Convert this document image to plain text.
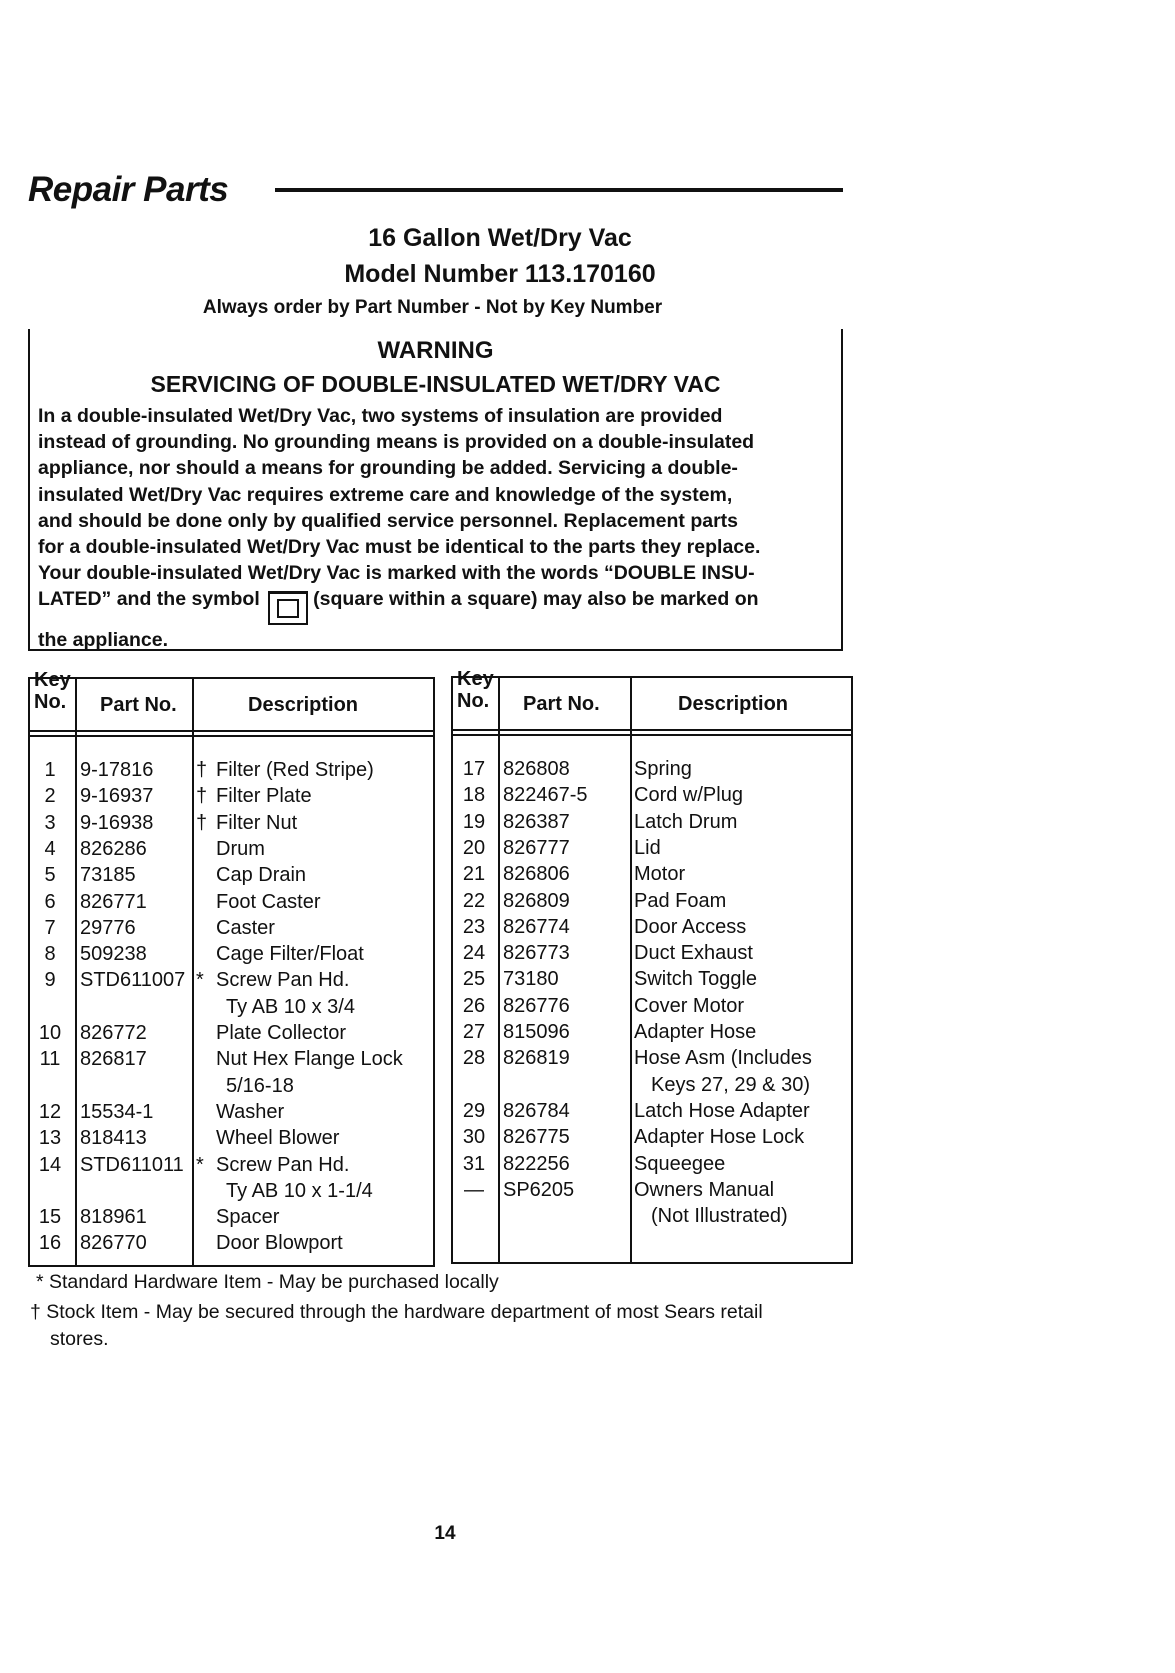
Repair Parts
16 Gallon Wet/Dry Vac
Model Number 113.170160
Always order by Part Number - Not by Key Number
WARNING
SERVICING OF DOUBLE-INSULATED WET/DRY VAC
In a double-insulated Wet/Dry Vac, two systems of insulation are provided
instead of grounding. No grounding means is provided on a double-insulated
appliance, nor should a means for grounding be added. Servicing a double-
insulated Wet/Dry Vac requires extreme care and knowledge of the system,
and should be done only by qualified service personnel. Replacement parts
for a double-insulated Wet/Dry Vac must be identical to the parts they replace.
Your double-insulated Wet/Dry Vac is marked with the words “DOUBLE INSU-
LATED” and the symbol	(square within a square) may also be marked on
the appliance.
Key
No. Part No.	Description
1	9-17816 † Filter (Red Stripe)
2	9-16937 † Filter Plate
3	9-16938 † Filter Nut
4	826286	Drum
5	73185	Cap Drain
6	826771	Foot Caster
7	29776	Caster
8	509238	Cage Filter/Float
9	STD611007 * Screw Pan Hd.
Ty AB 10 x 3/4
10 826772	Plate Collector
11 826817	Nut Hex Flange Lock
5/16-18
12 15534-1	Washer
13 818413	Wheel Blower
14 STD611011 * Screw Pan Hd.
Ty AB 10 x 1-1/4
15 818961	Spacer
16 826770	Door Blowport
Key
No. Part No.	Description
17 826808	Spring
18 822467-5 Cord w/Plug
19 826387	Latch Drum
20 826777	Lid
21 826806	Motor
22 826809	Pad Foam
23 826774	Door Access
24 826773	Duct Exhaust
25 73180	Switch Toggle
26 826776	Cover Motor
27 815096	Adapter Hose
28 826819	Hose Asm (Includes
Keys 27, 29 & 30)
29 826784	Latch Hose Adapter
30 826775	Adapter Hose Lock
31 822256	Squeegee
— SP6205	Owners Manual
(Not Illustrated)
* Standard Hardware Item - May be purchased locally
† Stock Item - May be secured through the hardware department of most Sears retail
stores.
14
